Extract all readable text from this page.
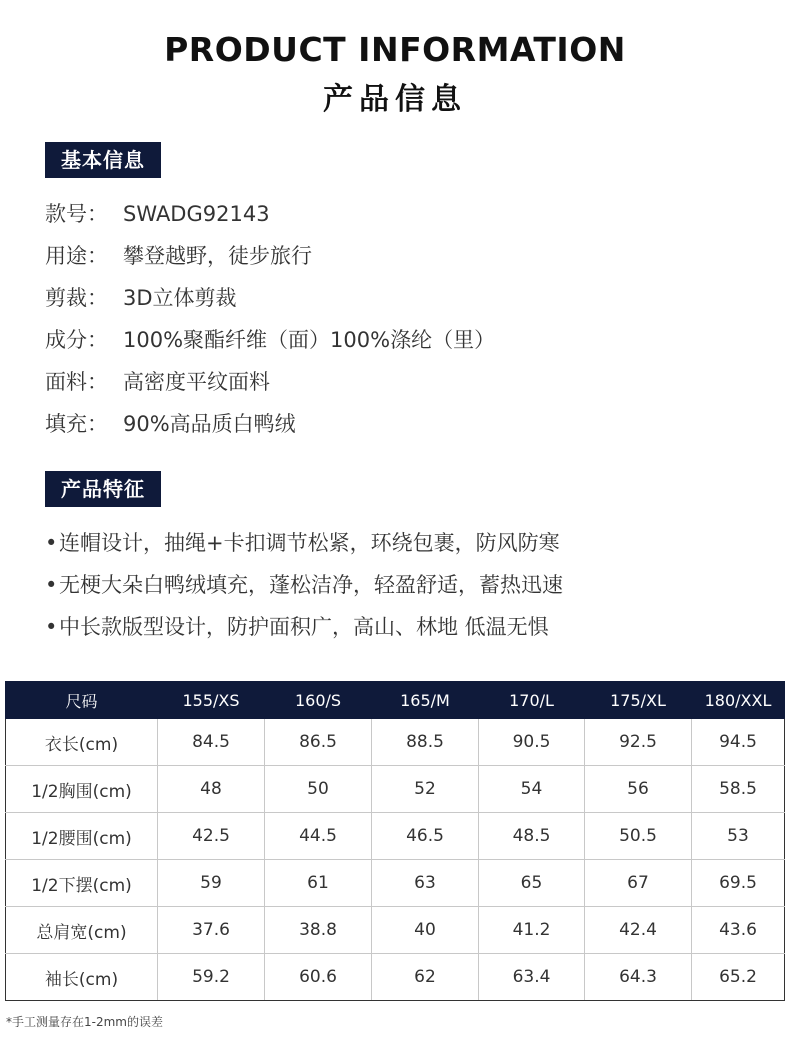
PRODUCT INFORMATION
产品信息
基本信息
款号： SWADG92143
用途： 攀登越野，徒步旅行
剪裁： 3D立体剪裁
成分： 100%聚酯纤维（面）100%涤纶（里）
面料： 高密度平纹面料
填充： 90%高品质白鸭绒
产品特征
•连帽设计，抽绳+卡扣调节松紧，环绕包裹，防风防寒
•无梗大朵白鸭绒填充，蓬松洁净，轻盈舒适，蓄热迅速
•中长款版型设计，防护面积广，高山、林地 低温无惧
尺码	155/XS	160/S	165/M	170/L	175/XL	180/XXL
衣长(cm)	84.5	86.5	88.5	90.5	92.5	94.5
1/2胸围(cm)	48	50	52	54	56	58.5
1/2腰围(cm)	42.5	44.5	46.5	48.5	50.5	53
1/2下摆(cm)	59	61	63	65	67	69.5
总肩宽(cm)	37.6	38.8	40	41.2	42.4	43.6
袖长(cm)	59.2	60.6	62	63.4	64.3	65.2
*手工测量存在1-2mm的误差
